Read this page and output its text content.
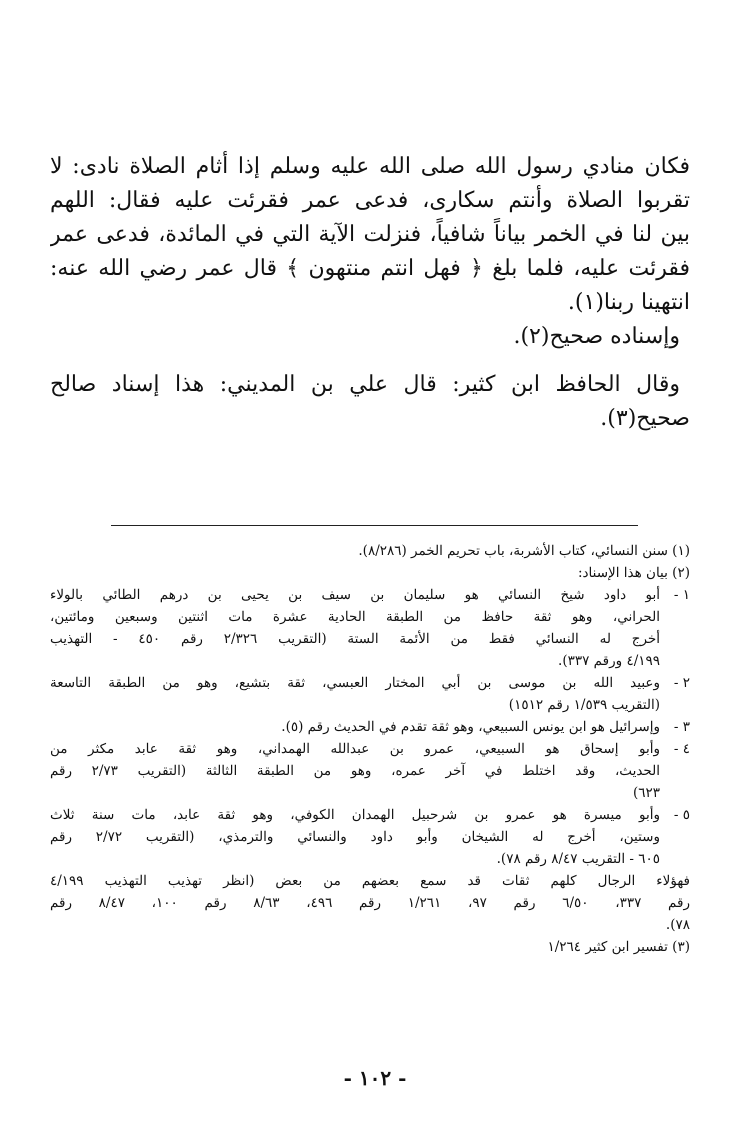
فكان منادي رسول الله صلى الله عليه وسلم إذا أثام الصلاة نادى: لا

تقربوا الصلاة وأنتم سكارى، فدعى عمر فقرئت عليه فقال: اللهم

بين لنا في الخمر بياناً شافياً، فنزلت الآية التي في المائدة، فدعى عمر

فقرئت عليه، فلما بلغ ﴿ فهل انتم منتهون ﴾ قال عمر رضي الله عنه:

انتهينا ربنا(١).

وإسناده صحيح(٢).

وقال الحافظ ابن كثير: قال علي بن المديني: هذا إسناد صالح

صحيح(٣).

(١) سنن النسائي، كتاب الأشربة، باب تحريم الخمر (٨/٢٨٦).

(٢) بيان هذا الإسناد:

١ -
أبو داود شيخ النسائي هو سليمان بن سيف بن يحيى بن درهم الطائي بالولاء
الحراني، وهو ثقة حافظ من الطبقة الحادية عشرة مات اثنتين وسبعين ومائتين،
أخرج له النسائي فقط من الأئمة الستة (التقريب ٢/٣٢٦ رقم ٤٥٠ - التهذيب
٤/١٩٩ ورقم ٣٣٧).
٢ -
وعبيد الله بن موسى بن أبي المختار العبسي، ثقة بتشيع، وهو من الطبقة التاسعة
(التقريب ١/٥٣٩ رقم ١٥١٢)
٣ -
وإسرائيل هو ابن يونس السبيعي، وهو ثقة تقدم في الحديث رقم (٥).
٤ -
وأبو إسحاق هو السبيعي، عمرو بن عبدالله الهمداني، وهو ثقة عابد مكثر من
الحديث، وقد اختلط في آخر عمره، وهو من الطبقة الثالثة (التقريب ٢/٧٣ رقم
٦٢٣)
٥ -
وأبو ميسرة هو عمرو بن شرحبيل الهمدان الكوفي، وهو ثقة عابد، مات سنة ثلاث
وستين، أخرج له الشيخان وأبو داود والنسائي والترمذي، (التقريب ٢/٧٢ رقم
٦٠٥ - التقريب ٨/٤٧ رقم ٧٨).
فهؤلاء الرجال كلهم ثقات قد سمع بعضهم من بعض (انظر تهذيب التهذيب ٤/١٩٩
رقم ٣٣٧، ٦/٥٠ رقم ٩٧، ١/٢٦١ رقم ٤٩٦، ٨/٦٣ رقم ١٠٠، ٨/٤٧ رقم
٧٨).

(٣) تفسير ابن كثير ١/٢٦٤

- ١٠٢ -
